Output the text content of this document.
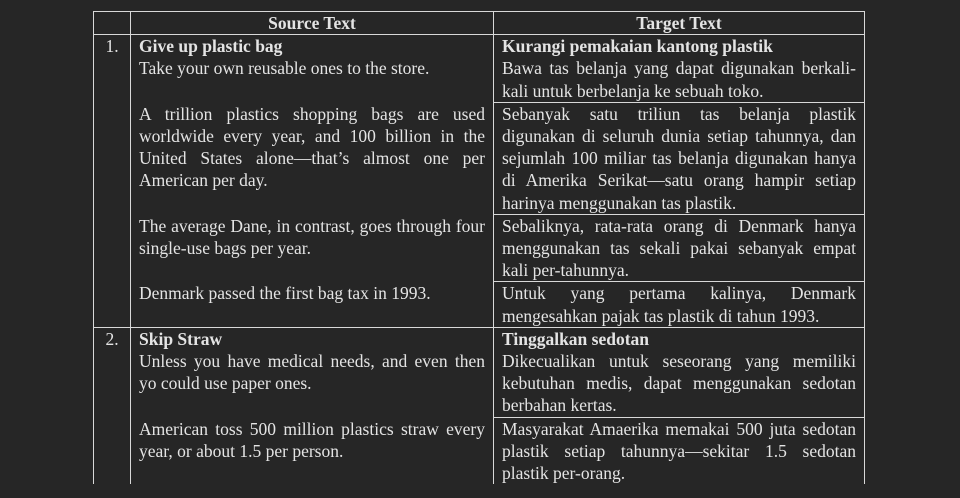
	Source Text	Target Text
1.	Give up plastic bag	Kurangi pemakaian kantong plastik
	Take your own reusable ones to the store.	Bawa tas belanja yang dapat digunakan berkali-kali untuk berbelanja ke sebuah toko.
	A trillion plastics shopping bags are used worldwide every year, and 100 billion in the United States alone—that’s almost one per American per day.	Sebanyak satu triliun tas belanja plastik digunakan di seluruh dunia setiap tahunnya, dan sejumlah 100 miliar tas belanja digunakan hanya di Amerika Serikat—satu orang hampir setiap harinya menggunakan tas plastik.
	The average Dane, in contrast, goes through four single-use bags per year.	Sebaliknya, rata-rata orang di Denmark hanya menggunakan tas sekali pakai sebanyak empat kali per-tahunnya.
	Denmark passed the first bag tax in 1993.	Untuk yang pertama kalinya, Denmark mengesahkan pajak tas plastik di tahun 1993.
2.	Skip Straw	Tinggalkan sedotan
	Unless you have medical needs, and even then yo could use paper ones.	Dikecualikan untuk seseorang yang memiliki kebutuhan medis, dapat menggunakan sedotan berbahan kertas.
	American toss 500 million plastics straw every year, or about 1.5 per person.	Masyarakat Amaerika memakai 500 juta sedotan plastik setiap tahunnya—sekitar 1.5 sedotan plastik per-orang.
